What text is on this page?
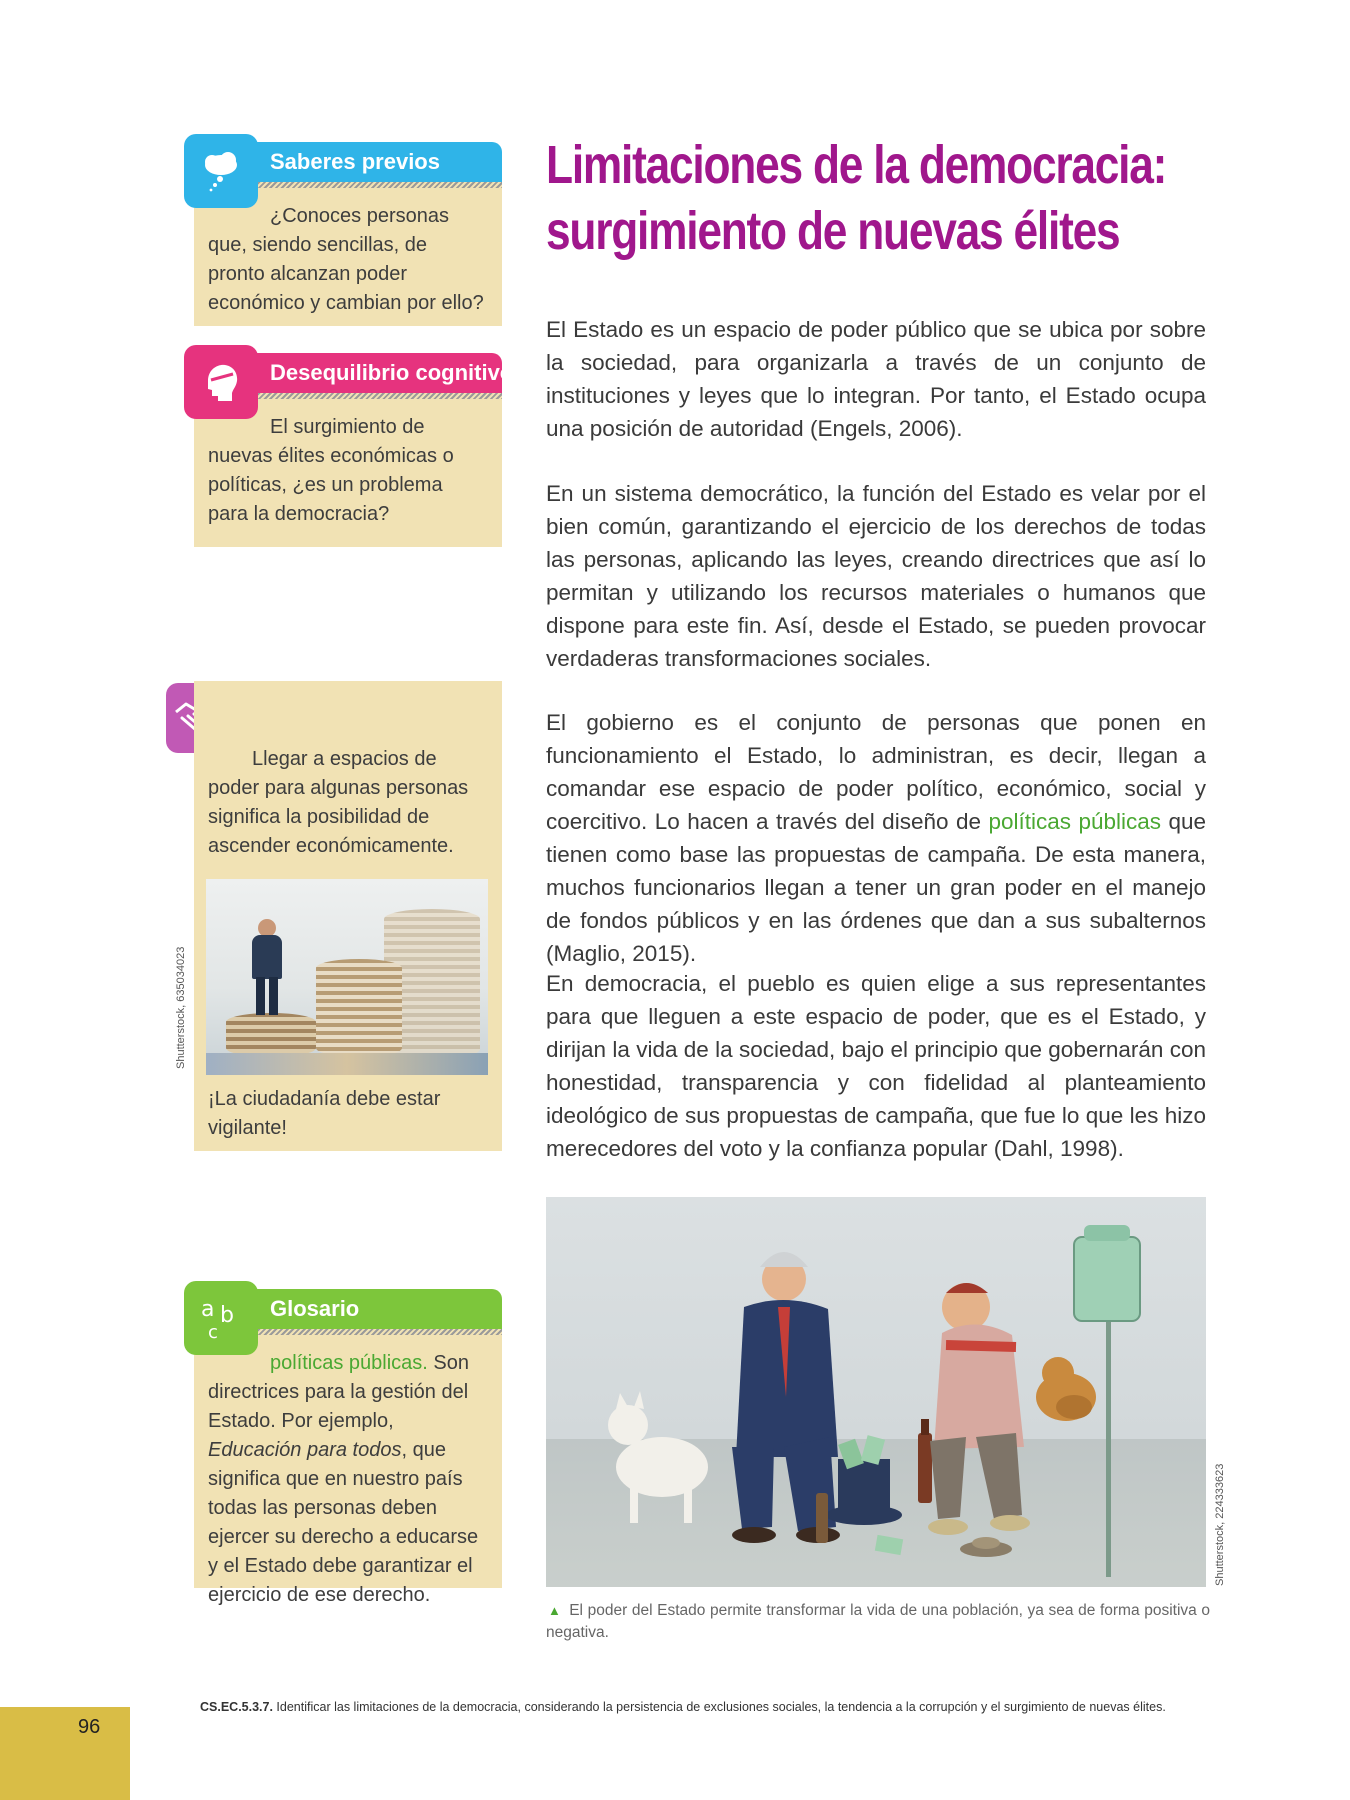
Saberes previos

¿Conoces personas que, siendo sencillas, de pronto alcanzan poder económico y cambian por ello?

Desequilibrio cognitivo

El surgimiento de nuevas élites económicas o políticas, ¿es un problema para la democracia?

Llegar a espacios de poder para algunas personas significa la posibilidad de ascender económicamente.

¡La ciudadanía debe estar vigilante!

Shutterstock, 635034023
Glosario
a b
c

políticas públicas. Son directrices para la gestión del Estado. Por ejemplo, Educación para todos, que significa que en nuestro país todas las personas deben ejercer su derecho a educarse y el Estado debe garantizar el ejercicio de ese derecho.

Limitaciones de la democracia:
surgimiento de nuevas élites

El Estado es un espacio de poder público que se ubica por sobre la sociedad, para organizarla a través de un conjunto de instituciones y leyes que lo integran. Por tanto, el Estado ocupa una posición de autoridad (Engels, 2006).

En un sistema democrático, la función del Estado es velar por el bien común, garantizando el ejercicio de los derechos de todas las personas, aplicando las leyes, creando directrices que así lo permitan y utilizando los recursos materiales o humanos que dispone para este fin. Así, desde el Estado, se pueden provocar verdaderas transformaciones sociales.

El gobierno es el conjunto de personas que ponen en funcionamiento el Estado, lo administran, es decir, llegan a comandar ese espacio de poder político, económico, social y coercitivo. Lo hacen a través del diseño de políticas públicas que tienen como base las propuestas de campaña. De esta manera, muchos funcionarios llegan a tener un gran poder en el manejo de fondos públicos y en las órdenes que dan a sus subalternos (Maglio, 2015).

En democracia, el pueblo es quien elige a sus representantes para que lleguen a este espacio de poder, que es el Estado, y dirijan la vida de la sociedad, bajo el principio que gobernarán con honestidad, transparencia y con fidelidad al planteamiento ideológico de sus propuestas de campaña, que fue lo que les hizo merecedores del voto y la confianza popular (Dahl, 1998).

Shutterstock, 224333623

▲ El poder del Estado permite transformar la vida de una población, ya sea de forma positiva o negativa.

96
CS.EC.5.3.7. Identificar las limitaciones de la democracia, considerando la persistencia de exclusiones sociales, la tendencia a la corrupción y el surgimiento de nuevas élites.
